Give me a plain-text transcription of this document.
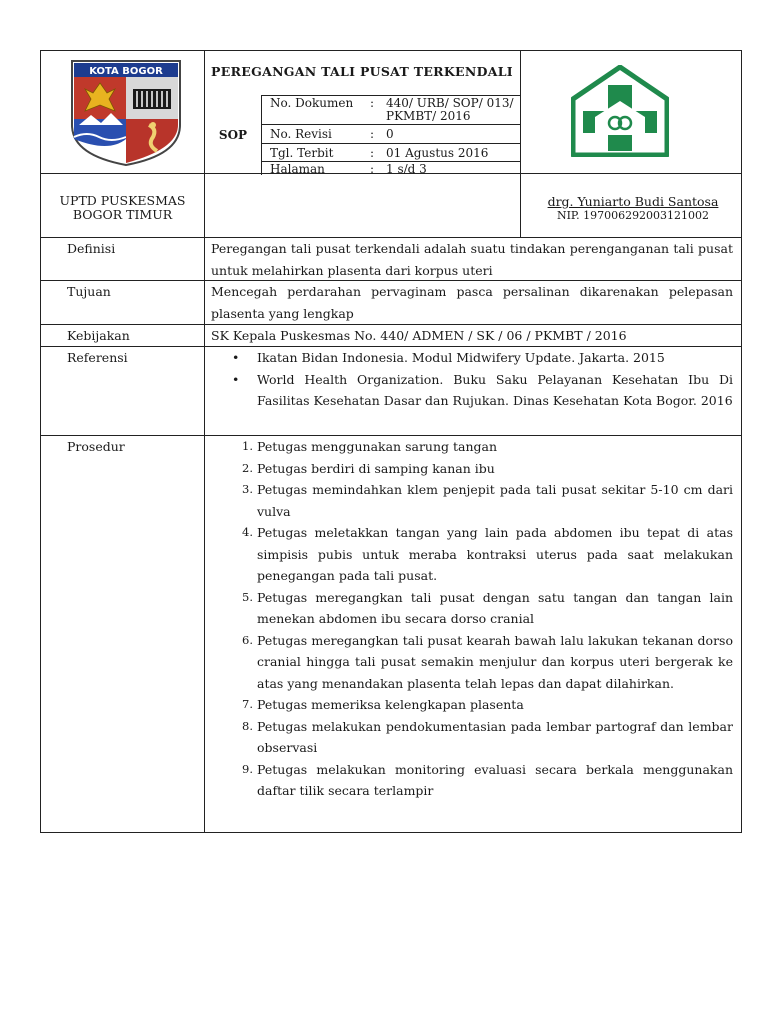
KOTA BOGOR	PEREGANGAN TALI PUSAT TERKENDALI
SOP
No. Dokumen	: 440/ URB/ SOP/ 013/ PKMBT/ 2016
No. Revisi	: 0
Tgl. Terbit	: 01 Agustus 2016
Halaman	: 1 s/d 3
UPTD PUSKESMAS
BOGOR TIMUR
drg. Yuniarto Budi Santosa
NIP. 197006292003121002
Definisi	Peregangan tali pusat terkendali adalah suatu tindakan perenganganan tali pusat untuk melahirkan plasenta dari korpus uteri
Tujuan	Mencegah perdarahan pervaginam pasca persalinan dikarenakan pelepasan plasenta yang lengkap
Kebijakan	SK Kepala Puskesmas No. 440/ ADMEN / SK / 06 / PKMBT / 2016
Referensi
•	Ikatan Bidan Indonesia. Modul Midwifery Update. Jakarta. 2015
• World Health Organization. Buku Saku Pelayanan Kesehatan Ibu Di Fasilitas Kesehatan Dasar dan Rujukan. Dinas Kesehatan Kota Bogor. 2016
Prosedur	1. Petugas menggunakan sarung tangan
2. Petugas berdiri di samping kanan ibu
3. Petugas memindahkan klem penjepit pada tali pusat sekitar 5-10 cm dari vulva
4. Petugas meletakkan tangan yang lain pada abdomen ibu tepat di atas simpisis pubis untuk meraba kontraksi uterus pada saat melakukan penegangan pada tali pusat.
5. Petugas meregangkan tali pusat dengan satu tangan dan tangan lain menekan abdomen ibu secara dorso cranial
6. Petugas meregangkan tali pusat kearah bawah lalu lakukan tekanan dorso cranial hingga tali pusat semakin menjulur dan korpus uteri bergerak ke atas yang menandakan plasenta telah lepas dan dapat dilahirkan.
7. Petugas memeriksa kelengkapan plasenta
8. Petugas melakukan pendokumentasian pada lembar partograf dan lembar observasi
9. Petugas melakukan monitoring evaluasi secara berkala menggunakan daftar tilik secara terlampir
